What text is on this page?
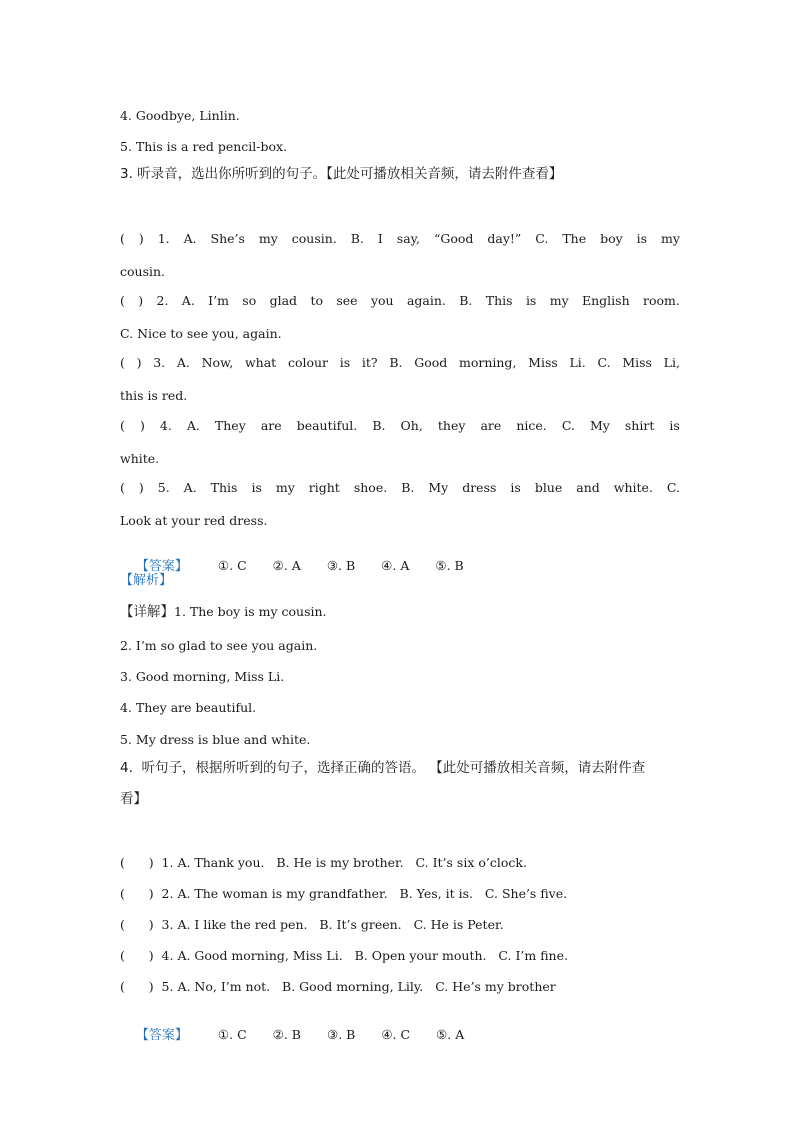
4. Goodbye, Linlin.
5. This is a red pencil-box.
3. 听录音，选出你所听到的句子。【此处可播放相关音频，请去附件查看】
( ) 1. A. She’s my cousin. B. I say, “Good day!” C. The boy is my
cousin.
( ) 2. A. I’m so glad to see you again. B. This is my English room.
C. Nice to see you, again.
( ) 3. A. Now, what colour is it? B. Good morning, Miss Li. C. Miss Li,
this is red.
( ) 4. A. They are beautiful. B. Oh, they are nice. C. My shirt is
white.
( ) 5. A. This is my right shoe. B. My dress is blue and white. C.
Look at your red dress.

【答案】 ①. C ②. A ③. B ④. A ⑤. B

【解析】
【详解】1. The boy is my cousin.
2. I’m so glad to see you again.
3. Good morning, Miss Li.
4. They are beautiful.
5. My dress is blue and white.
4.  听句子，根据所听到的句子，选择正确的答语。 【此处可播放相关音频，请去附件查
看】
(      )  1. A. Thank you.   B. He is my brother.   C. It’s six o’clock.
(      )  2. A. The woman is my grandfather.   B. Yes, it is.   C. She’s five.
(      )  3. A. I like the red pen.   B. It’s green.   C. He is Peter.
(      )  4. A. Good morning, Miss Li.   B. Open your mouth.   C. I’m fine.
(      )  5. A. No, I’m not.   B. Good morning, Lily.   C. He’s my brother

【答案】 ①. C ②. B ③. B ④. C ⑤. A
